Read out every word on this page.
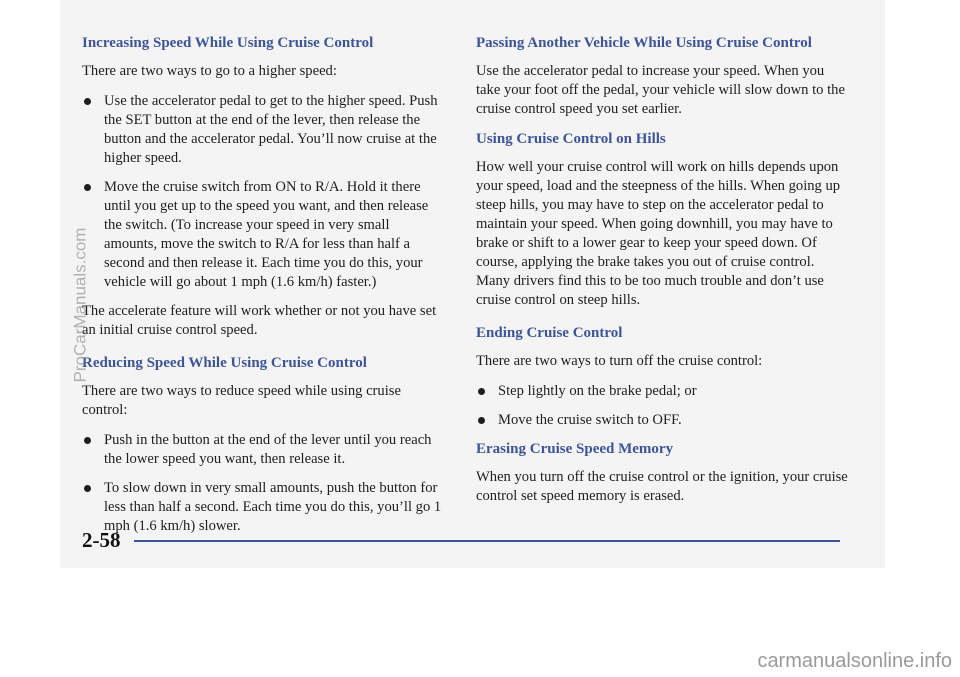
Increasing Speed While Using Cruise Control

There are two ways to go to a higher speed:

Use the accelerator pedal to get to the higher speed. Push the SET button at the end of the lever, then release the button and the accelerator pedal. You’ll now cruise at the higher speed.
Move the cruise switch from ON to R/A. Hold it there until you get up to the speed you want, and then release the switch. (To increase your speed in very small amounts, move the switch to R/A for less than half a second and then release it. Each time you do this, your vehicle will go about 1 mph (1.6 km/h) faster.)

The accelerate feature will work whether or not you have set an initial cruise control speed.

Reducing Speed While Using Cruise Control

There are two ways to reduce speed while using cruise control:

Push in the button at the end of the lever until you reach the lower speed you want, then release it.
To slow down in very small amounts, push the button for less than half a second. Each time you do this, you’ll go 1 mph (1.6 km/h) slower.
Passing Another Vehicle While Using Cruise Control

Use the accelerator pedal to increase your speed. When you take your foot off the pedal, your vehicle will slow down to the cruise control speed you set earlier.

Using Cruise Control on Hills

How well your cruise control will work on hills depends upon your speed, load and the steepness of the hills. When going up steep hills, you may have to step on the accelerator pedal to maintain your speed. When going downhill, you may have to brake or shift to a lower gear to keep your speed down. Of course, applying the brake takes you out of cruise control. Many drivers find this to be too much trouble and don’t use cruise control on steep hills.

Ending Cruise Control

There are two ways to turn off the cruise control:

Step lightly on the brake pedal; or
Move the cruise switch to OFF.
Erasing Cruise Speed Memory

When you turn off the cruise control or the ignition, your cruise control set speed memory is erased.

2-58
ProCarManuals.com
carmanualsonline.info
